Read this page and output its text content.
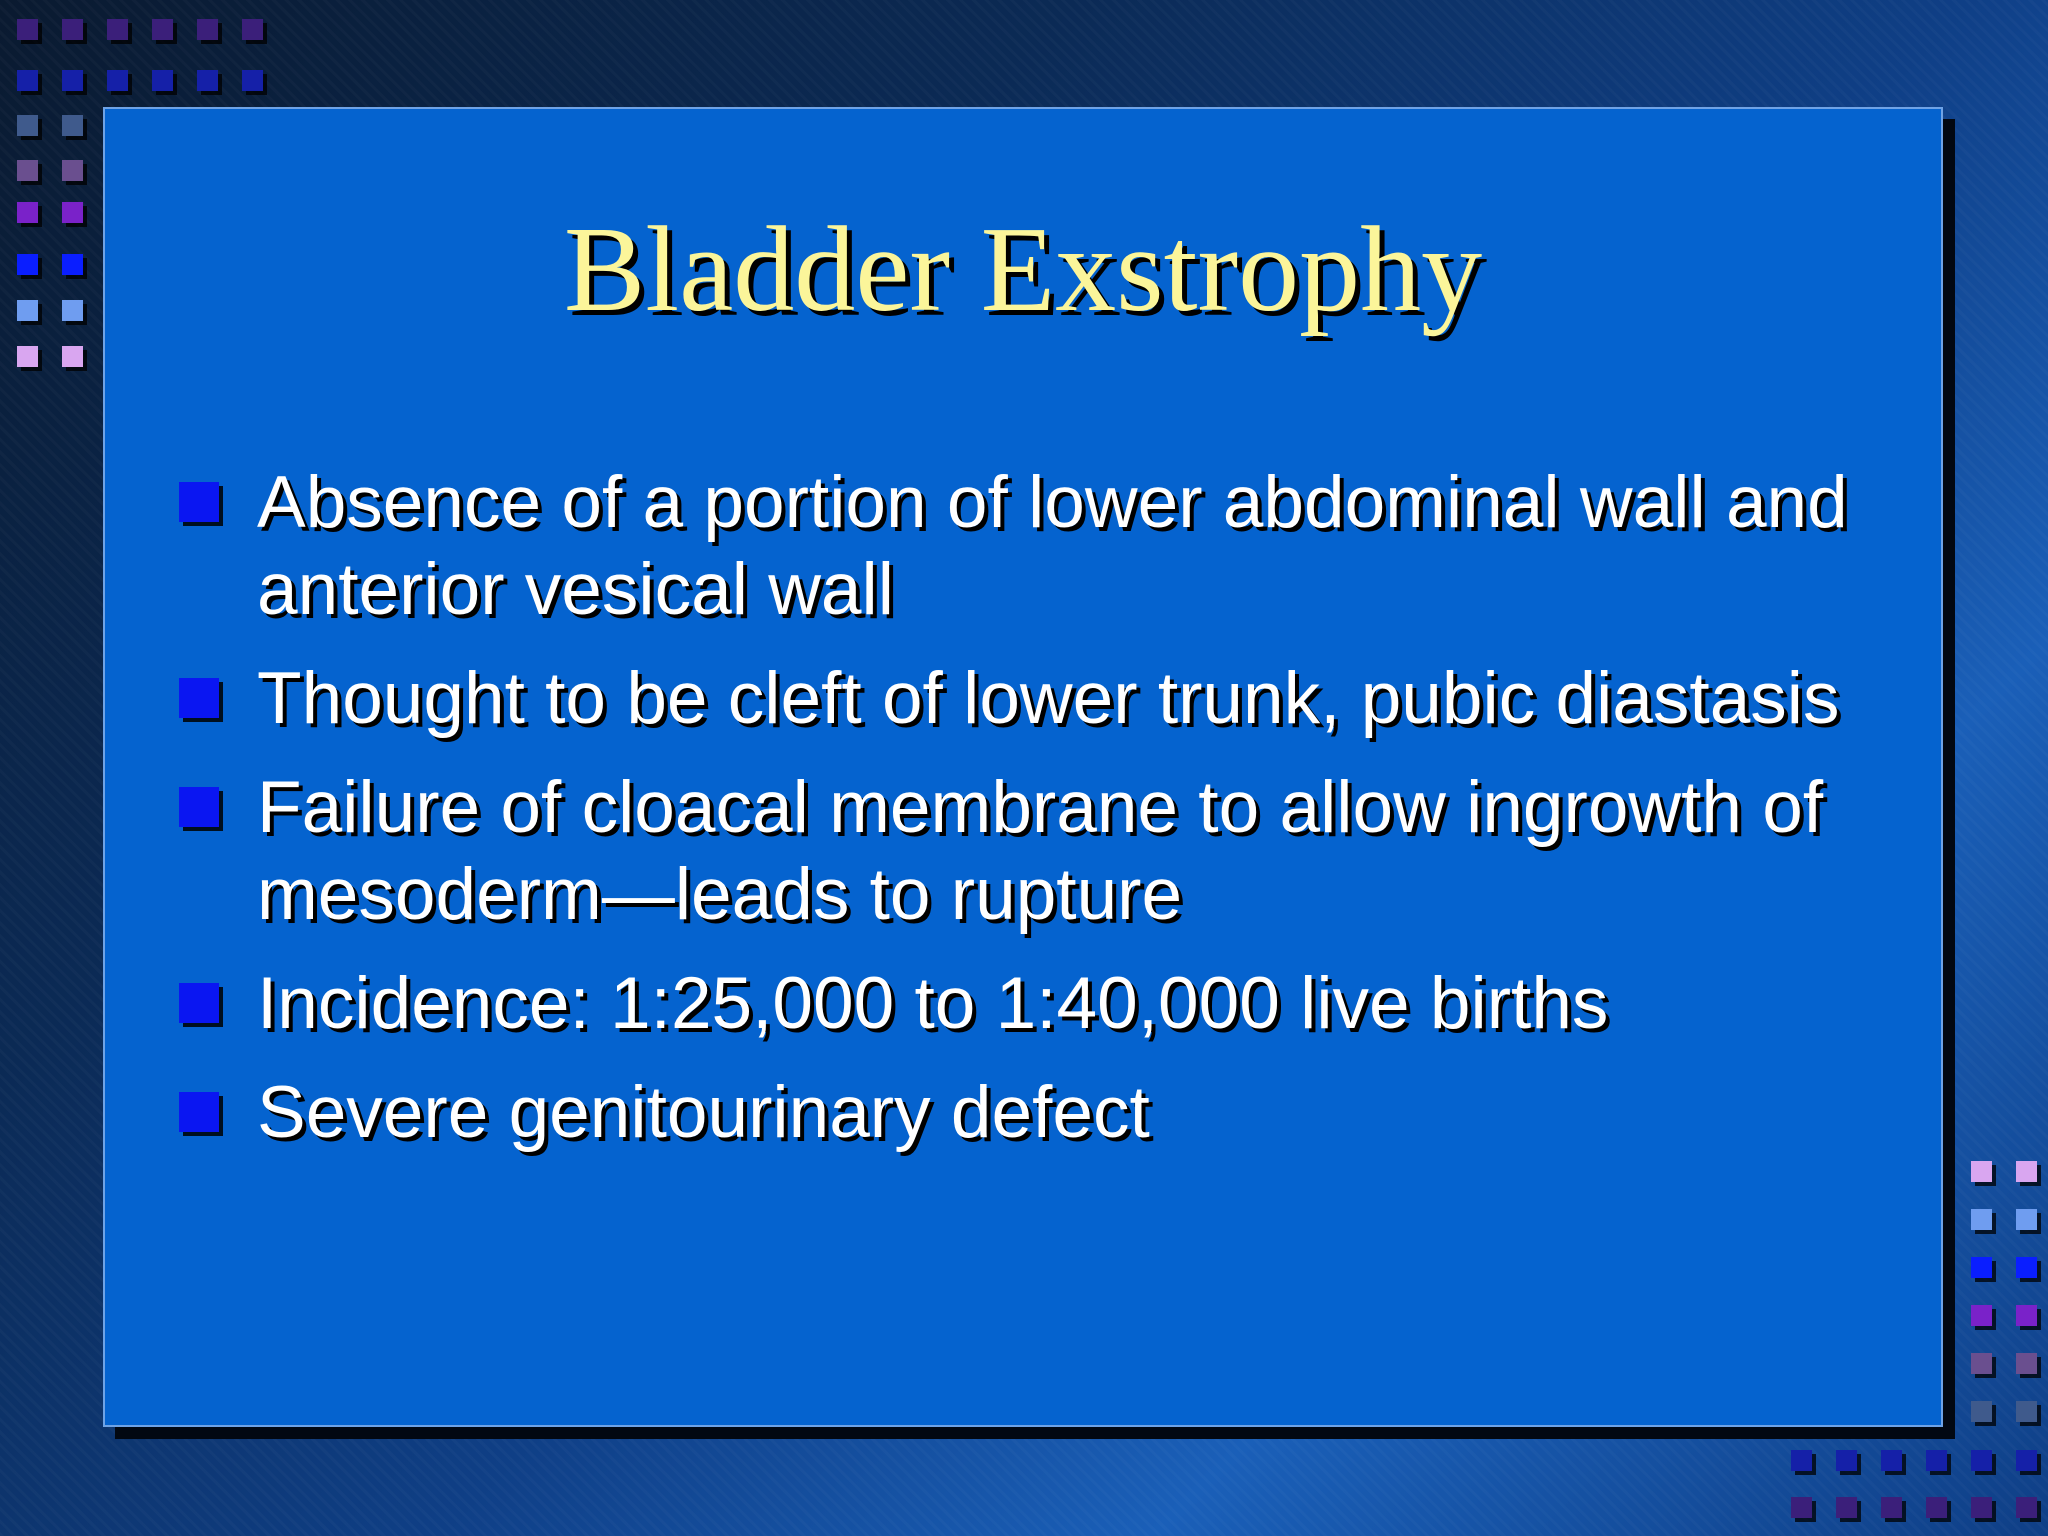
Bladder Exstrophy
Absence of a portion of lower abdominal wall and anterior vesical wall
Thought to be cleft of lower trunk, pubic diastasis
Failure of cloacal membrane to allow ingrowth of mesoderm—leads to rupture
Incidence: 1:25,000 to 1:40,000 live births
Severe genitourinary defect
